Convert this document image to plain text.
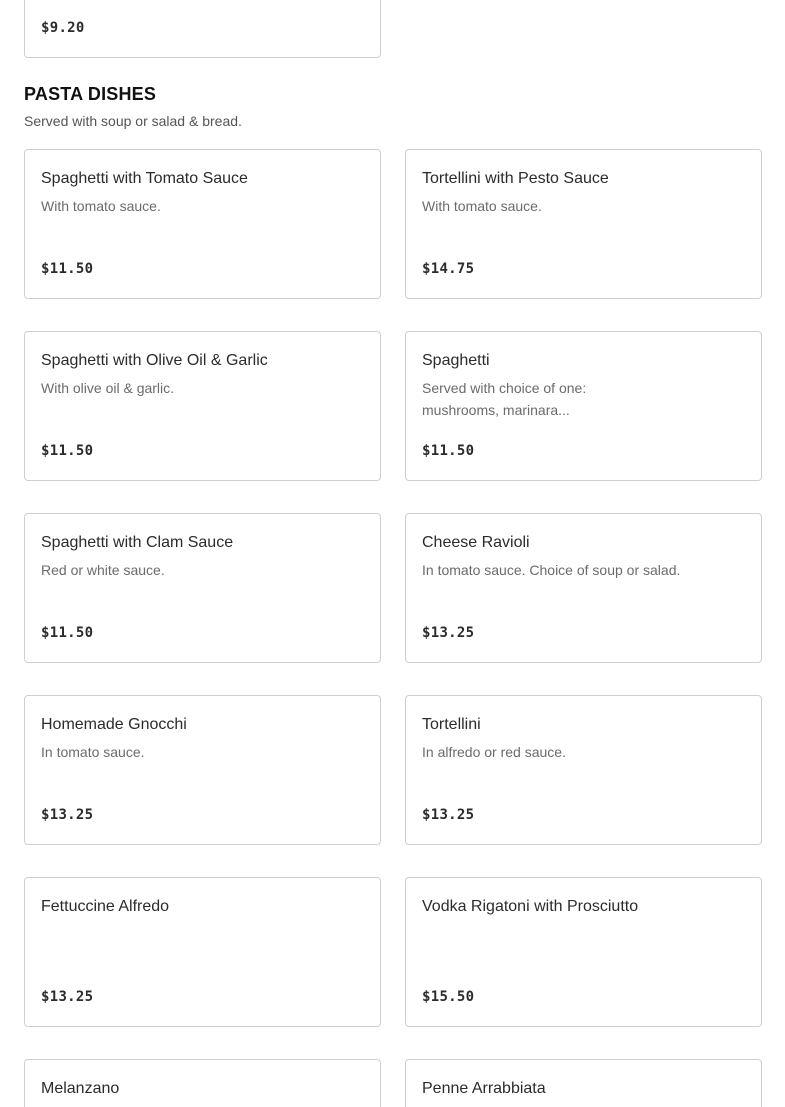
$9.20
PASTA DISHES

Served with soup or salad & bread.

Spaghetti with Tomato Sauce
With tomato sauce.
$11.50
Tortellini with Pesto Sauce
With tomato sauce.
$14.75
Spaghetti with Olive Oil & Garlic
With olive oil & garlic.
$11.50
Spaghetti
Served with choice of one: mushrooms, marinara...
$11.50
Spaghetti with Clam Sauce
Red or white sauce.
$11.50
Cheese Ravioli
In tomato sauce. Choice of soup or salad.
$13.25
Homemade Gnocchi
In tomato sauce.
$13.25
Tortellini
In alfredo or red sauce.
$13.25
Fettuccine Alfredo
$13.25
Vodka Rigatoni with Prosciutto
$15.50
Melanzano	Penne Arrabbiata
